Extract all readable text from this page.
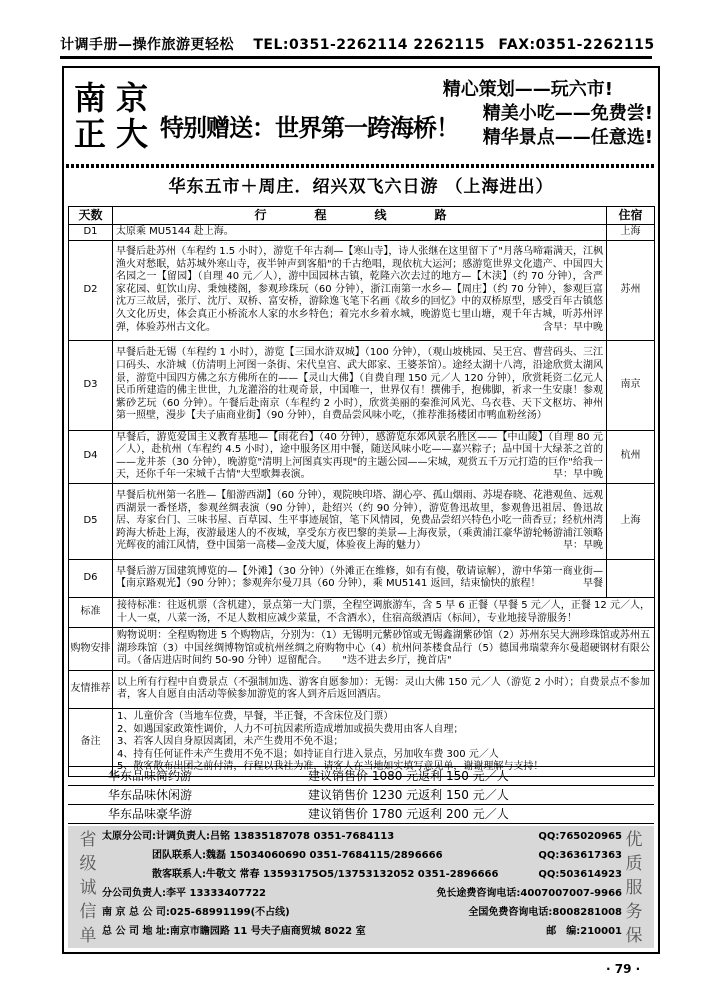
计调手册—操作旅游更轻松 TEL:0351-2262114 2262115 FAX:0351-2262115
南 京
正 大 特别赠送：世界第一跨海桥！
精心策划——玩六市!
精美小吃——免费尝!
精华景点——任意选!
华东五市＋周庄．绍兴双飞六日游 （上海进出）
天数	行　程　线　路	住宿
D1	太原乘 MU5144 赴上海。	上海
D2	早餐后赴苏州（车程约 1.5 小时），游览千年古刹—【寒山寺】，诗人张继在这里留下了"月落乌啼霜满天，江枫渔火对愁眠，姑苏城外寒山寺，夜半钟声到客船"的千古绝唱，现依杭大运河；感游览世界文化遗产、中国四大名园之一【留园】（自理 40 元／人），游中国园林古镇，乾隆六次去过的地方—【木渎】（约 70 分钟），含严家花园、虹饮山房、秉烛楼阁，参观珍珠玩（60 分钟），浙江南第一水乡—【周庄】（约 70 分钟），参观巨富沈万三故居，张厅、沈厅、双桥、富安桥，游除逸飞笔下名画《故乡的回忆》中的双桥原型，感受百年古镇悠久文化历史，体会真正小桥流水人家的水乡特色；着完水乡着水城，晚游览七里山塘，观千年古城，听苏州评弹，体验苏州古文化。 含早：早中晚	苏州
D3	早餐后赴无锡（车程约 1 小时），游览【三国水浒双城】（100 分钟），（观山坡桃园、吴王宫、曹营码头、三江口码头、水浒城（仿清明上河图一条街、宋代皇宫、武大郎家、王婆茶馆）。途经太湖十八湾，沿途欣赏太湖风景，游览中国四方佛之东方佛所在的——【灵山大佛】（自费自理 150 元／人 120 分钟），欣赏耗资二亿元人民币所建造的佛主世世，九龙灌浴的壮观奇景，中国唯一，世界仅有！撰佛手，抱佛脚，祈求一生安康！参观紫砂艺玩（60 分钟）。午餐后赴南京（车程约 2 小时），欣赏美丽的秦淮河风光、乌衣巷、天下文枢坊、神州第一照壁，漫步【夫子庙商业街】（90 分钟），自费品尝风味小吃，（推荐淮扬楼团市鸭血粉丝汤）	南京
D4	早餐后，游览爱国主义教育基地—【雨花台】（40 分钟），感游览东郊风景名胜区——【中山陵】（自理 80 元／人），赴杭州（车程约 4.5 小时），途中服务区用中餐，随送风味小吃——嘉兴粽子；品中国十大绿茶之首的——龙井茶（30 分钟），晚游览"清明上河图真实再现"的主题公园——宋城，观赏五千万元打造的巨作"给我一天，还你千年一宋城千古情"大型歌舞表演。 早：早中晚	杭州
D5	早餐后杭州第一名胜—【船游西湖】（60 分钟），观院映印塔、湖心亭、孤山烟雨、苏堤春晓、花港观鱼、远观西湖景一番怪塔，参观丝绸表演（90 分钟），赴绍兴（约 90 分钟），游览鲁迅故里，参观鲁迅祖居、鲁迅故居、寿家台门、三味书屋、百草园、生平事迹展馆，笔下风情园，免费品尝绍兴特色小吃一茴香豆；经杭州湾跨海大桥赴上海，夜游最迷人的不夜城，享受东方夜巴黎的美景—上海夜景，（乘黄浦江豪华游轮畅游浦江领略光辉夜的浦江风情，登中国第一高楼—金茂大厦，体验夜上海的魅力） 早：早晚	上海
D6	早餐后游万国建筑博览的—【外滩】（30 分钟）（外滩正在维修，如有有傻，敬请谅解），游中华第一商业街—【南京路观光】（90 分钟）；参观奔尔曼刀具（60 分钟），乘 MU5141 返回，结束愉快的旅程！ 早餐	

标准	接待标准：往返机票（含机建），景点第一大门票，全程空调旅游车，含 5 早 6 正餐（早餐 5 元／人，正餐 12 元／人，十人一桌，八菜一汤，不足人数相应减少菜量，不含酒水），住宿高级酒店（标间），专业地接导游服务！	
购物安排	购物说明：全程购物进 5 个购物店，分别为：（1）无锡明元紫砂馆或无锡鑫湖紫砂馆（2）苏州东吴大洲珍珠馆或苏州五湖珍珠馆（3）中国丝绸博物馆或杭州丝绸之府购物中心（4）杭州问茶楼食品行（5）德国弗瑞蒙奔尔曼超硬钢材有限公司。（备店进店时间约 50-90 分钟）逗留配合。　　"迭不进去乡厅，挽首店"	
友情推荐	以上所有行程中自费景点（不强制加选、游客自愿参加）：无锡：灵山大佛 150 元／人（游览 2 小时）；自费景点不参加者，客人自愿自由活动等候参加游览的客人到齐后返回酒店。	
备注	1、儿童价含（当地车位费，早餐，半正餐，不含床位及门票）
2、如遇国家政策性调价，人力不可抗因素所造成增加或损失费用由客人自理；
3、若客人因自身原因离团，未产生费用不免不退；
4、持有任何证件未产生费用不免不退；如持证自行进入景点，另加收车费 300 元／人
5、散客散布出团之前付清，行程以我社为准，请客人在当地如实填写意见单，谢谢理解与支持！	
华东品味简约游	建议销售价 1080 元返利 150 元／人
华东品味休闲游	建议销售价 1230 元返利 150 元／人
华东品味豪华游	建议销售价 1780 元返利 200 元／人
省
级
诚
信
单
优
质
服
务
保
太原分公司:计调负责人:吕铭 13835187078 0351-7684113	QQ:765020965
　　　　　团队联系人:魏磊 15034060690 0351-7684115/2896666	QQ:363617363
　　　　　散客联系人:牛敬文 常春 13593175O5/13753132052 0351-2896666	QQ:503614923
分公司负责人:李平 13333407722	免长途费咨询电话:4007007007-9966
南 京 总 公 司:025-68991199(不占线)	全国免费咨询电话:8008281008
总 公 司 地 址:南京市瞻园路 11 号夫子庙商贸城 8022 室	邮　编:210001
· 79 ·
